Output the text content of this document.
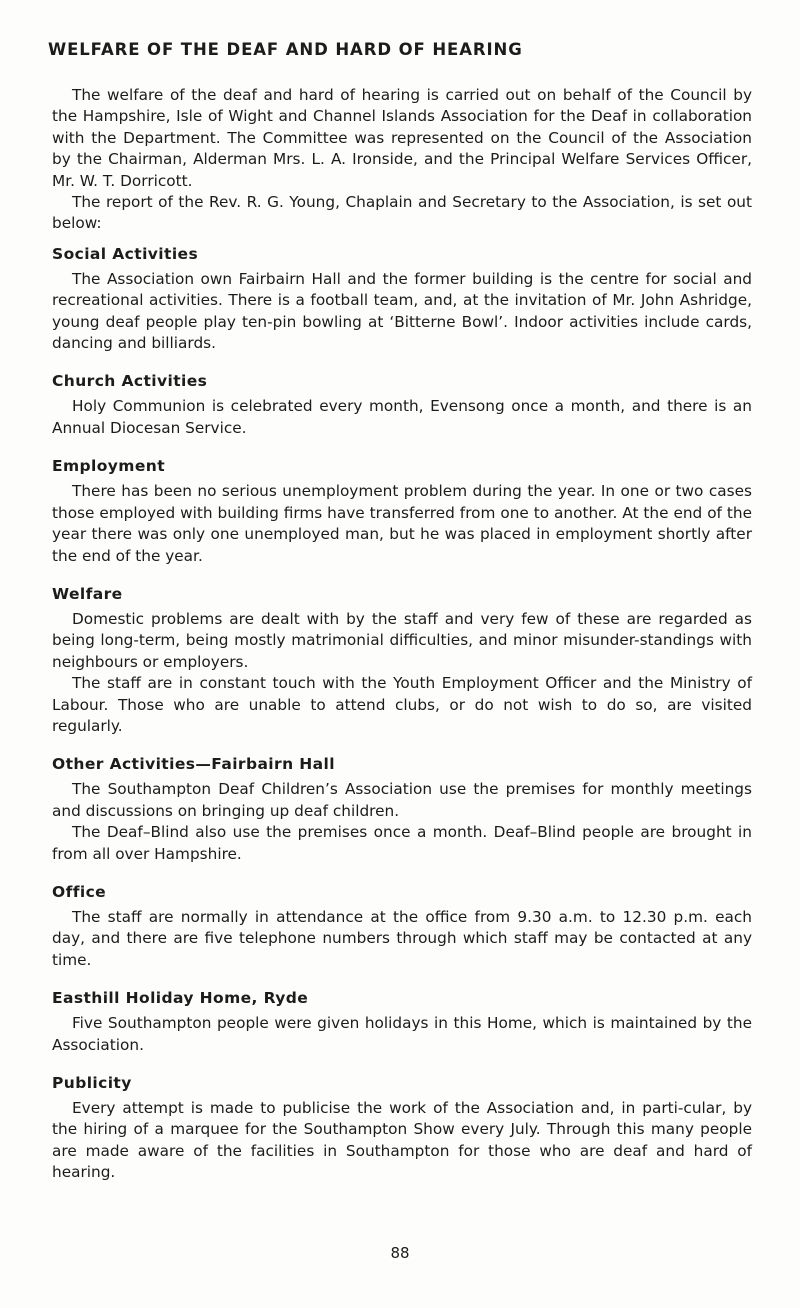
WELFARE OF THE DEAF AND HARD OF HEARING

The welfare of the deaf and hard of hearing is carried out on behalf of the Council by the Hampshire, Isle of Wight and Channel Islands Association for the Deaf in collaboration with the Department. The Committee was represented on the Council of the Association by the Chairman, Alderman Mrs. L. A. Ironside, and the Principal Welfare Services Officer, Mr. W. T. Dorricott.

The report of the Rev. R. G. Young, Chaplain and Secretary to the Association, is set out below:

Social Activities

The Association own Fairbairn Hall and the former building is the centre for social and recreational activities. There is a football team, and, at the invitation of Mr. John Ashridge, young deaf people play ten-pin bowling at ‘Bitterne Bowl’. Indoor activities include cards, dancing and billiards.

Church Activities

Holy Communion is celebrated every month, Evensong once a month, and there is an Annual Diocesan Service.

Employment

There has been no serious unemployment problem during the year. In one or two cases those employed with building firms have transferred from one to another. At the end of the year there was only one unemployed man, but he was placed in employment shortly after the end of the year.

Welfare

Domestic problems are dealt with by the staff and very few of these are regarded as being long-term, being mostly matrimonial difficulties, and minor misunder-standings with neighbours or employers.

The staff are in constant touch with the Youth Employment Officer and the Ministry of Labour. Those who are unable to attend clubs, or do not wish to do so, are visited regularly.

Other Activities—Fairbairn Hall

The Southampton Deaf Children’s Association use the premises for monthly meetings and discussions on bringing up deaf children.

The Deaf–Blind also use the premises once a month. Deaf–Blind people are brought in from all over Hampshire.

Office

The staff are normally in attendance at the office from 9.30 a.m. to 12.30 p.m. each day, and there are five telephone numbers through which staff may be contacted at any time.

Easthill Holiday Home, Ryde

Five Southampton people were given holidays in this Home, which is maintained by the Association.

Publicity

Every attempt is made to publicise the work of the Association and, in parti-cular, by the hiring of a marquee for the Southampton Show every July. Through this many people are made aware of the facilities in Southampton for those who are deaf and hard of hearing.

88
